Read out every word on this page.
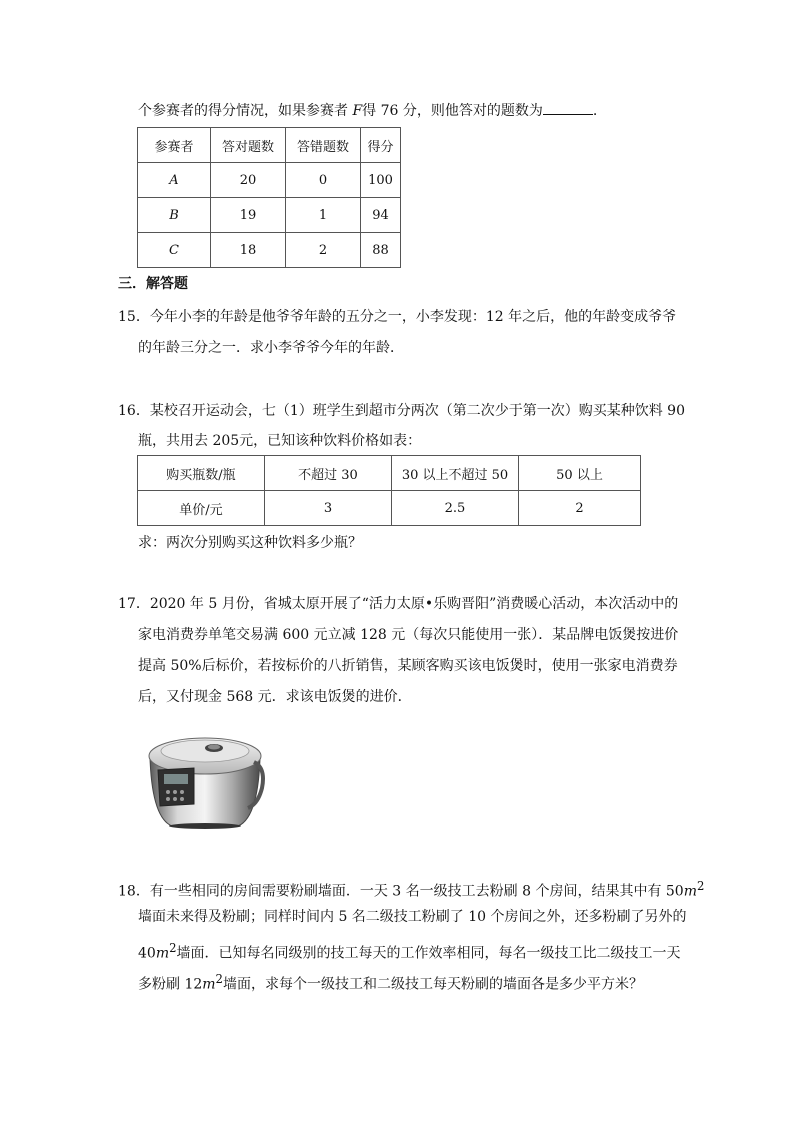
个参赛者的得分情况，如果参赛者 F得 76 分，则他答对的题数为	.
参赛者	答对题数	答错题数	得分
A	20	0	100
B	19	1	94
C	18	2	88
三．解答题
15．今年小李的年龄是他爷爷年龄的五分之一，小李发现：12 年之后，他的年龄变成爷爷
的年龄三分之一．求小李爷爷今年的年龄．
16．某校召开运动会，七（1）班学生到超市分两次（第二次少于第一次）购买某种饮料 90
瓶，共用去 205元，已知该种饮料价格如表：
购买瓶数/瓶	不超过 30	30 以上不超过 50	50 以上
单价/元	3	2.5	2
求：两次分别购买这种饮料多少瓶？
17．2020 年 5 月份，省城太原开展了“活力太原•乐购晋阳”消费暖心活动，本次活动中的
家电消费券单笔交易满 600 元立减 128 元（每次只能使用一张）．某品牌电饭煲按进价
提高 50%后标价，若按标价的八折销售，某顾客购买该电饭煲时，使用一张家电消费券
后，又付现金 568 元．求该电饭煲的进价．
18．有一些相同的房间需要粉刷墙面．一天 3 名一级技工去粉刷 8 个房间，结果其中有 $50m^2$
墙面未来得及粉刷；同样时间内 5 名二级技工粉刷了 10 个房间之外，还多粉刷了另外的
$40m^2$墙面．已知每名同级别的技工每天的工作效率相同，每名一级技工比二级技工一天
多粉刷 $12m^2$墙面，求每个一级技工和二级技工每天粉刷的墙面各是多少平方米？
